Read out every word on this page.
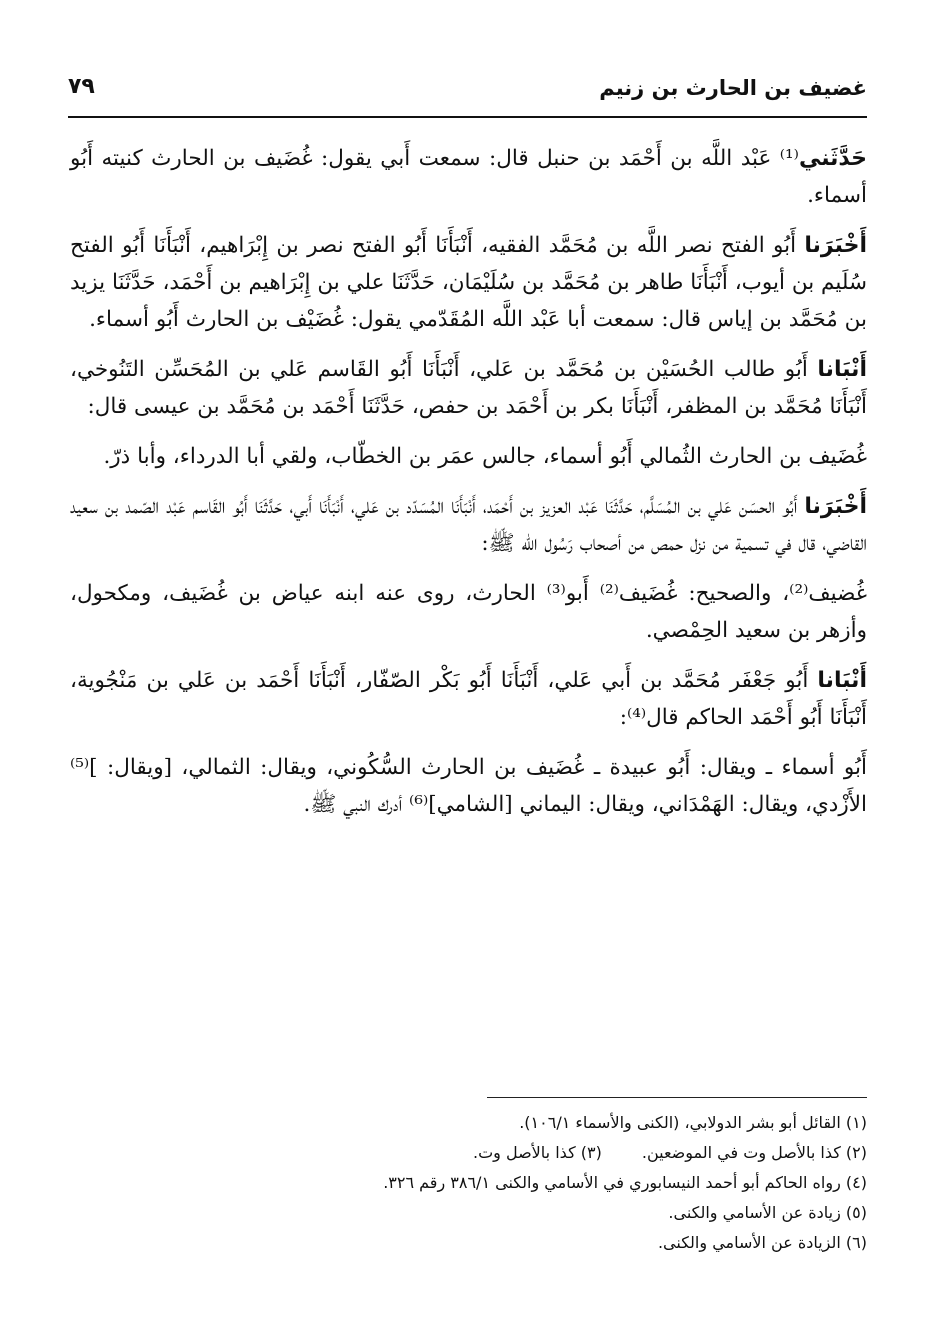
غضيف بن الحارث بن زنيم
٧٩

حَدَّثَني⁽¹⁾ عَبْد اللَّه بن أَحْمَد بن حنبل قال: سمعت أَبي يقول: غُضَيف بن الحارث كنيته أَبُو أسماء.

أَخْبَرَنا أَبُو الفتح نصر اللَّه بن مُحَمَّد الفقيه، أَنْبَأَنَا أَبُو الفتح نصر بن إِبْرَاهيم، أَنْبَأَنَا أَبُو الفتح سُلَيم بن أيوب، أَنْبَأَنَا طاهر بن مُحَمَّد بن سُلَيْمَان، حَدَّثَنَا علي بن إِبْرَاهيم بن أَحْمَد، حَدَّثَنَا يزيد بن مُحَمَّد بن إياس قال: سمعت أبا عَبْد اللَّه المُقَدّمي يقول: غُضَيْف بن الحارث أَبُو أسماء.

أَنْبَانا أَبُو طالب الحُسَيْن بن مُحَمَّد بن عَلي، أَنْبَأَنَا أَبُو القَاسم عَلي بن المُحَسِّن التَنُوخي، أَنْبَأَنَا مُحَمَّد بن المظفر، أَنْبَأَنَا بكر بن أَحْمَد بن حفص، حَدَّثَنَا أَحْمَد بن مُحَمَّد بن عيسى قال:

غُضَيف بن الحارث الثُمالي أَبُو أسماء، جالس عمَر بن الخطّاب، ولقي أبا الدرداء، وأبا ذرّ.

أَخْبَرَنا أَبُو الحسَن عَلي بن المُسَلَّم، حَدَّثَنَا عَبْد العزيز بن أَحْمَد، أَنْبَأَنَا المُسَدّد بن عَلي، أَنْبَأَنَا أَبي، حَدَّثَنَا أَبُو القَاسم عَبْد الصّمد بن سعيد القاضي، قال في تسمية من نزل حمص من أصحاب رَسُول الله ﷺ:

غُضيف⁽²⁾، والصحيح: غُضَيف⁽²⁾ أَبو⁽³⁾ الحارث، روى عنه ابنه عياض بن غُضَيف، ومكحول، وأزهر بن سعيد الحِمْصي.

أَنْبَانا أَبُو جَعْفَر مُحَمَّد بن أَبي عَلي، أَنْبَأَنَا أَبُو بَكْر الصّفّار، أَنْبَأَنَا أَحْمَد بن عَلي بن مَنْجُوية، أَنْبَأَنَا أَبُو أَحْمَد الحاكم قال⁽⁴⁾:

أَبُو أسماء ـ ويقال: أَبُو عبيدة ـ غُضَيف بن الحارث السُّكُوني، ويقال: الثمالي، [ويقال: ]⁽⁵⁾ الأَزْدي، ويقال: الهَمْدَاني، ويقال: اليماني [الشامي]⁽⁶⁾ أدرك النبي ﷺ.

(١) القائل أبو بشر الدولابي، (الكنى والأسماء ١٠٦/١).
(٢) كذا بالأصل وت في الموضعين.(٣) كذا بالأصل وت.
(٤) رواه الحاكم أبو أحمد النيسابوري في الأسامي والكنى ٣٨٦/١ رقم ٣٢٦.
(٥) زيادة عن الأسامي والكنى.
(٦) الزيادة عن الأسامي والكنى.
